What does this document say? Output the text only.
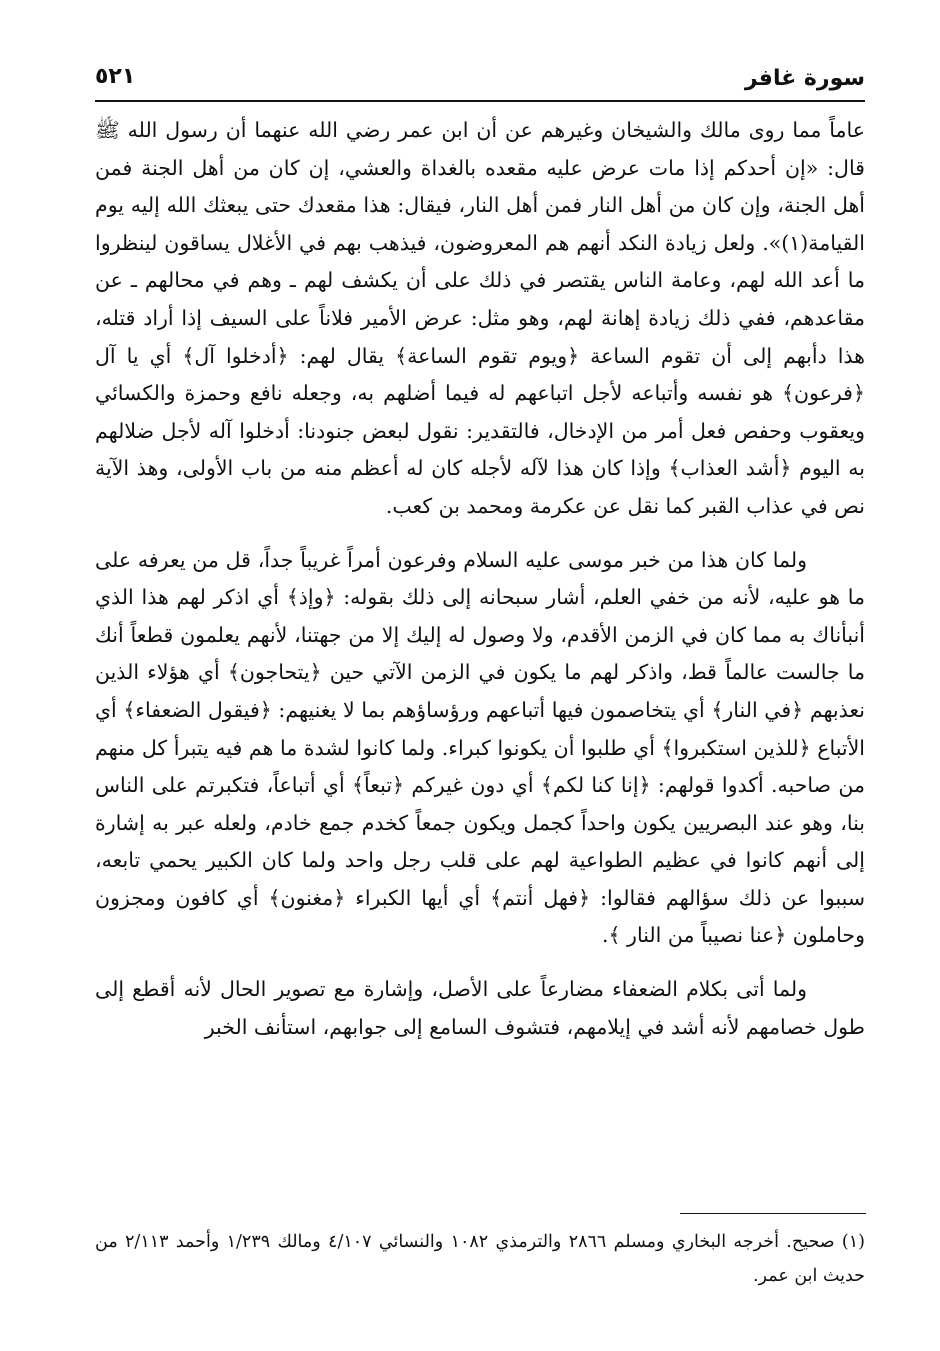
سورة غافر
٥٢١

عاماً مما روى مالك والشيخان وغيرهم عن أن ابن عمر رضي الله عنهما أن رسول الله ﷺ قال: «إن أحدكم إذا مات عرض عليه مقعده بالغداة والعشي، إن كان من أهل الجنة فمن أهل الجنة، وإن كان من أهل النار فمن أهل النار، فيقال: هذا مقعدك حتى يبعثك الله إليه يوم القيامة(١)». ولعل زيادة النكد أنهم هم المعروضون، فيذهب بهم في الأغلال يساقون لينظروا ما أعد الله لهم، وعامة الناس يقتصر في ذلك على أن يكشف لهم ـ وهم في محالهم ـ عن مقاعدهم، ففي ذلك زيادة إهانة لهم، وهو مثل: عرض الأمير فلاناً على السيف إذا أراد قتله، هذا دأبهم إلى أن تقوم الساعة ﴿ويوم تقوم الساعة﴾ يقال لهم: ﴿أدخلوا آل﴾ أي يا آل ﴿فرعون﴾ هو نفسه وأتباعه لأجل اتباعهم له فيما أضلهم به، وجعله نافع وحمزة والكسائي ويعقوب وحفص فعل أمر من الإدخال، فالتقدير: نقول لبعض جنودنا: أدخلوا آله لأجل ضلالهم به اليوم ﴿أشد العذاب﴾ وإذا كان هذا لآله لأجله كان له أعظم منه من باب الأولى، وهذ الآية نص في عذاب القبر كما نقل عن عكرمة ومحمد بن كعب.

ولما كان هذا من خبر موسى عليه السلام وفرعون أمراً غريباً جداً، قل من يعرفه على ما هو عليه، لأنه من خفي العلم، أشار سبحانه إلى ذلك بقوله: ﴿وإذ﴾ أي اذكر لهم هذا الذي أنبأناك به مما كان في الزمن الأقدم، ولا وصول له إليك إلا من جهتنا، لأنهم يعلمون قطعاً أنك ما جالست عالماً قط، واذكر لهم ما يكون في الزمن الآتي حين ﴿يتحاجون﴾ أي هؤلاء الذين نعذبهم ﴿في النار﴾ أي يتخاصمون فيها أتباعهم ورؤساؤهم بما لا يغنيهم: ﴿فيقول الضعفاء﴾ أي الأتباع ﴿للذين استكبروا﴾ أي طلبوا أن يكونوا كبراء. ولما كانوا لشدة ما هم فيه يتبرأ كل منهم من صاحبه. أكدوا قولهم: ﴿إنا كنا لكم﴾ أي دون غيركم ﴿تبعاً﴾ أي أتباعاً، فتكبرتم على الناس بنا، وهو عند البصريين يكون واحداً كجمل ويكون جمعاً كخدم جمع خادم، ولعله عبر به إشارة إلى أنهم كانوا في عظيم الطواعية لهم على قلب رجل واحد ولما كان الكبير يحمي تابعه، سببوا عن ذلك سؤالهم فقالوا: ﴿فهل أنتم﴾ أي أيها الكبراء ﴿مغنون﴾ أي كافون ومجزون وحاملون ﴿عنا نصيباً من النار ﴾.

ولما أتى بكلام الضعفاء مضارعاً على الأصل، وإشارة مع تصوير الحال لأنه أقطع إلى طول خصامهم لأنه أشد في إيلامهم، فتشوف السامع إلى جوابهم، استأنف الخبر

(١) صحيح. أخرجه البخاري ومسلم ٢٨٦٦ والترمذي ١٠٨٢ والنسائي ٤/١٠٧ ومالك ١/٢٣٩ وأحمد ٢/١١٣ من حديث ابن عمر.
